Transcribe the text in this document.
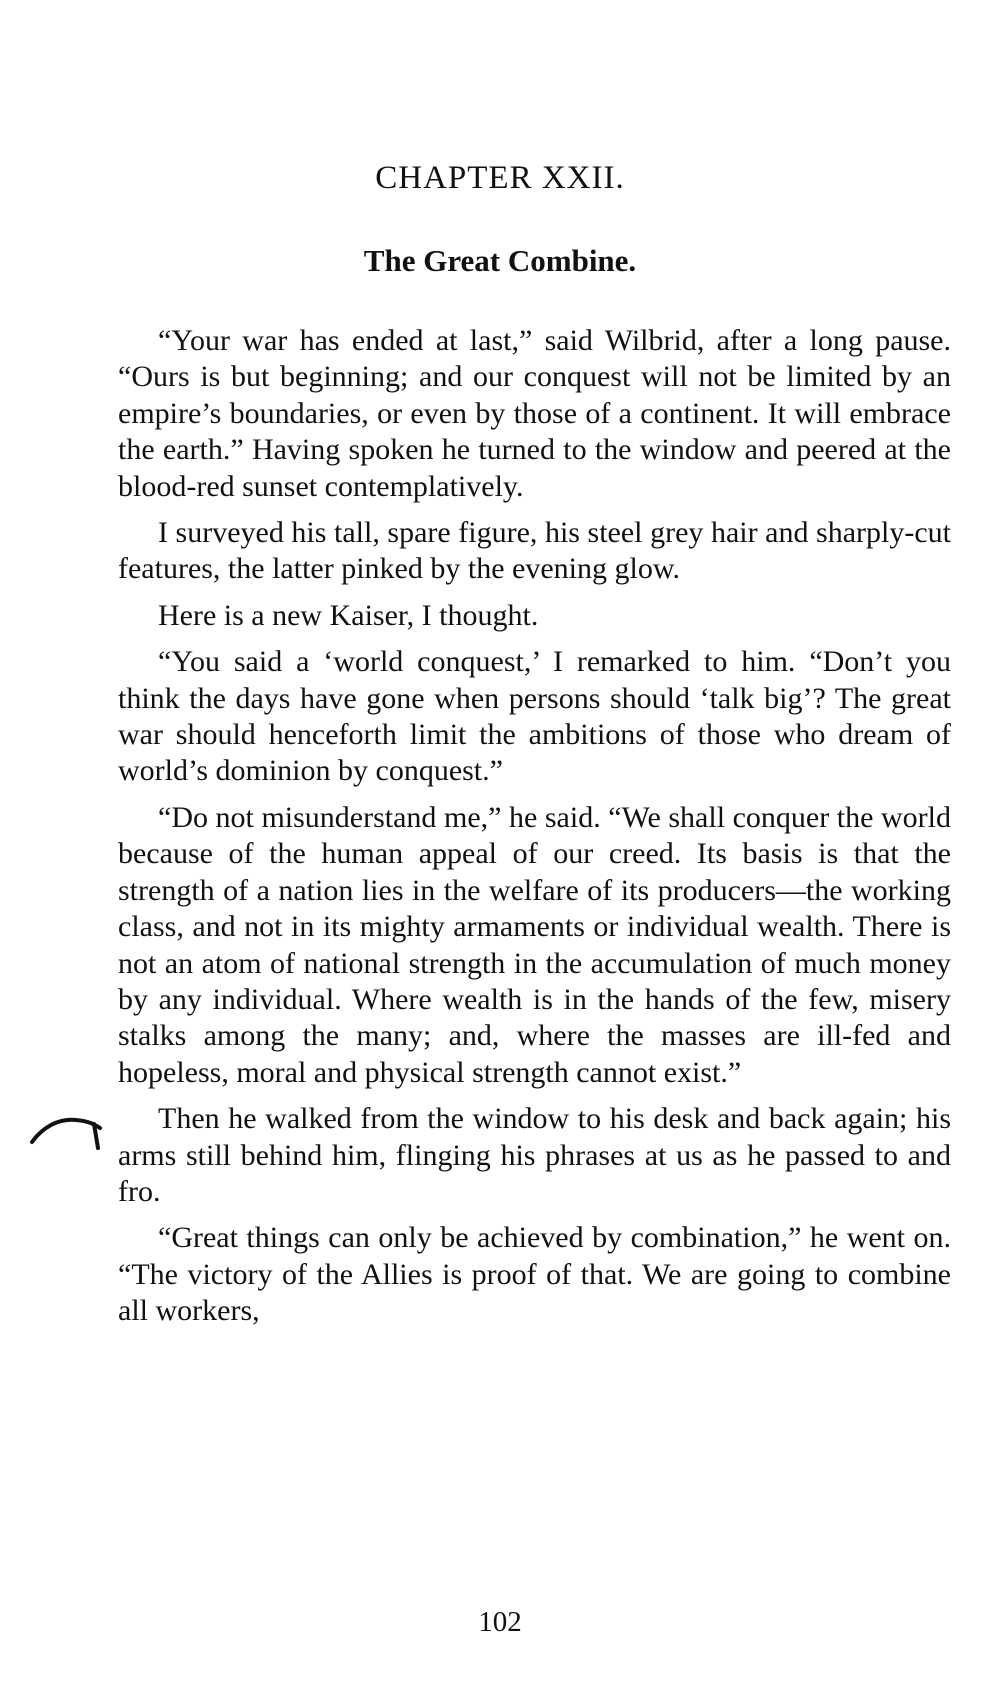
CHAPTER XXII.
The Great Combine.

“Your war has ended at last,” said Wilbrid, after a long pause. “Ours is but beginning; and our conquest will not be limited by an empire’s boundaries, or even by those of a continent. It will embrace the earth.” Having spoken he turned to the window and peered at the blood-red sunset contemplatively.

I surveyed his tall, spare figure, his steel grey hair and sharply-cut features, the latter pinked by the evening glow.

Here is a new Kaiser, I thought.

“You said a ‘world conquest,’ I remarked to him. “Don’t you think the days have gone when persons should ‘talk big’? The great war should henceforth limit the ambitions of those who dream of world’s dominion by conquest.”

“Do not misunderstand me,” he said. “We shall conquer the world because of the human appeal of our creed. Its basis is that the strength of a nation lies in the welfare of its producers—the working class, and not in its mighty armaments or individual wealth. There is not an atom of national strength in the accumulation of much money by any individual. Where wealth is in the hands of the few, misery stalks among the many; and, where the masses are ill-fed and hopeless, moral and physical strength cannot exist.”

Then he walked from the window to his desk and back again; his arms still behind him, flinging his phrases at us as he passed to and fro.

“Great things can only be achieved by combination,” he went on. “The victory of the Allies is proof of that. We are going to combine all workers,

102
